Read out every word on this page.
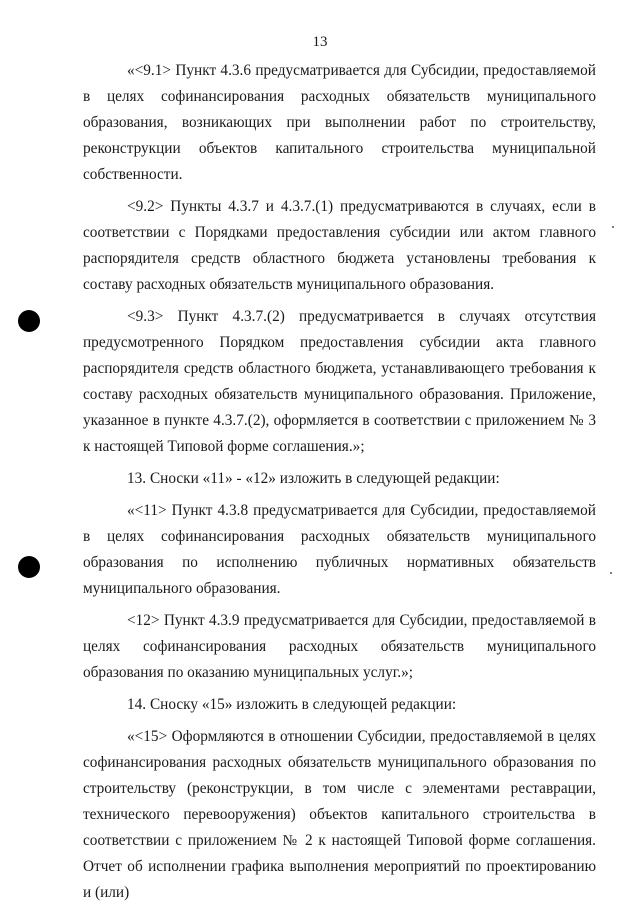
13

«<9.1> Пункт 4.3.6 предусматривается для Субсидии, предоставляемой в целях софинансирования расходных обязательств муниципального образования, возникающих при выполнении работ по строительству, реконструкции объектов капитального строительства муниципальной собственности.

<9.2> Пункты 4.3.7 и 4.3.7.(1) предусматриваются в случаях, если в соответствии с Порядками предоставления субсидии или актом главного распорядителя средств областного бюджета установлены требования к составу расходных обязательств муниципального образования.

<9.3> Пункт 4.3.7.(2) предусматривается в случаях отсутствия предусмотренного Порядком предоставления субсидии акта главного распорядителя средств областного бюджета, устанавливающего требования к составу расходных обязательств муниципального образования. Приложение, указанное в пункте 4.3.7.(2), оформляется в соответствии с приложением № 3 к настоящей Типовой форме соглашения.»;

13. Сноски «11» - «12» изложить в следующей редакции:

«<11> Пункт 4.3.8 предусматривается для Субсидии, предоставляемой в целях софинансирования расходных обязательств муниципального образования по исполнению публичных нормативных обязательств муниципального образования.

<12> Пункт 4.3.9 предусматривается для Субсидии, предоставляемой в целях софинансирования расходных обязательств муниципального образования по оказанию муниципальных услуг.»;

14. Сноску «15» изложить в следующей редакции:

«<15> Оформляются в отношении Субсидии, предоставляемой в целях софинансирования расходных обязательств муниципального образования по строительству (реконструкции, в том числе с элементами реставрации, технического перевооружения) объектов капитального строительства в соответствии с приложением № 2 к настоящей Типовой форме соглашения. Отчет об исполнении графика выполнения мероприятий по проектированию и (или)
